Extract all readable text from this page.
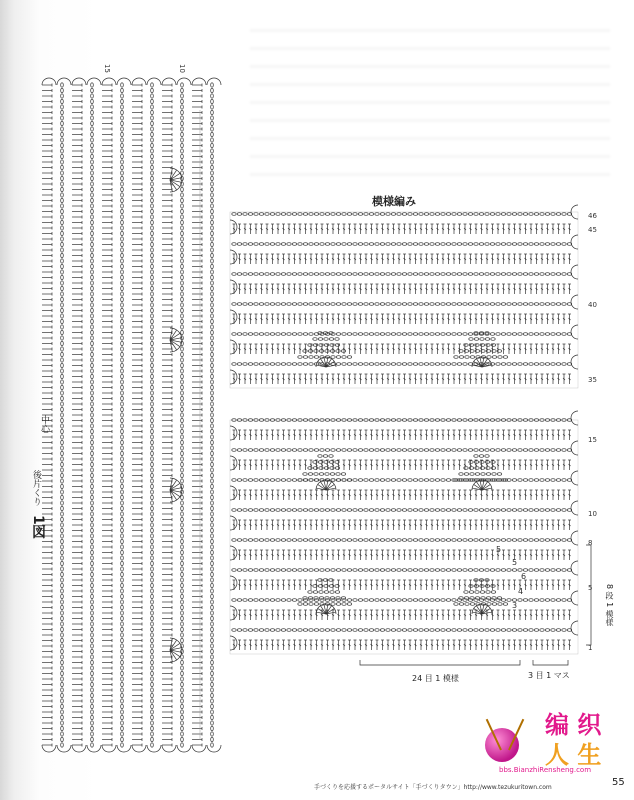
模様編み
1図
後片くり
中心
15	10
46
45
40
35
15
10
8
5
1
5
5
6
4
3
24 目 1 模様	3 目 1 マス
8 段 1 模様
编 织
人 生
bbs.BianzhiRensheng.com
手づくりを応援するポータルサイト「手づくりタウン」http://www.tezukuritown.com	55
